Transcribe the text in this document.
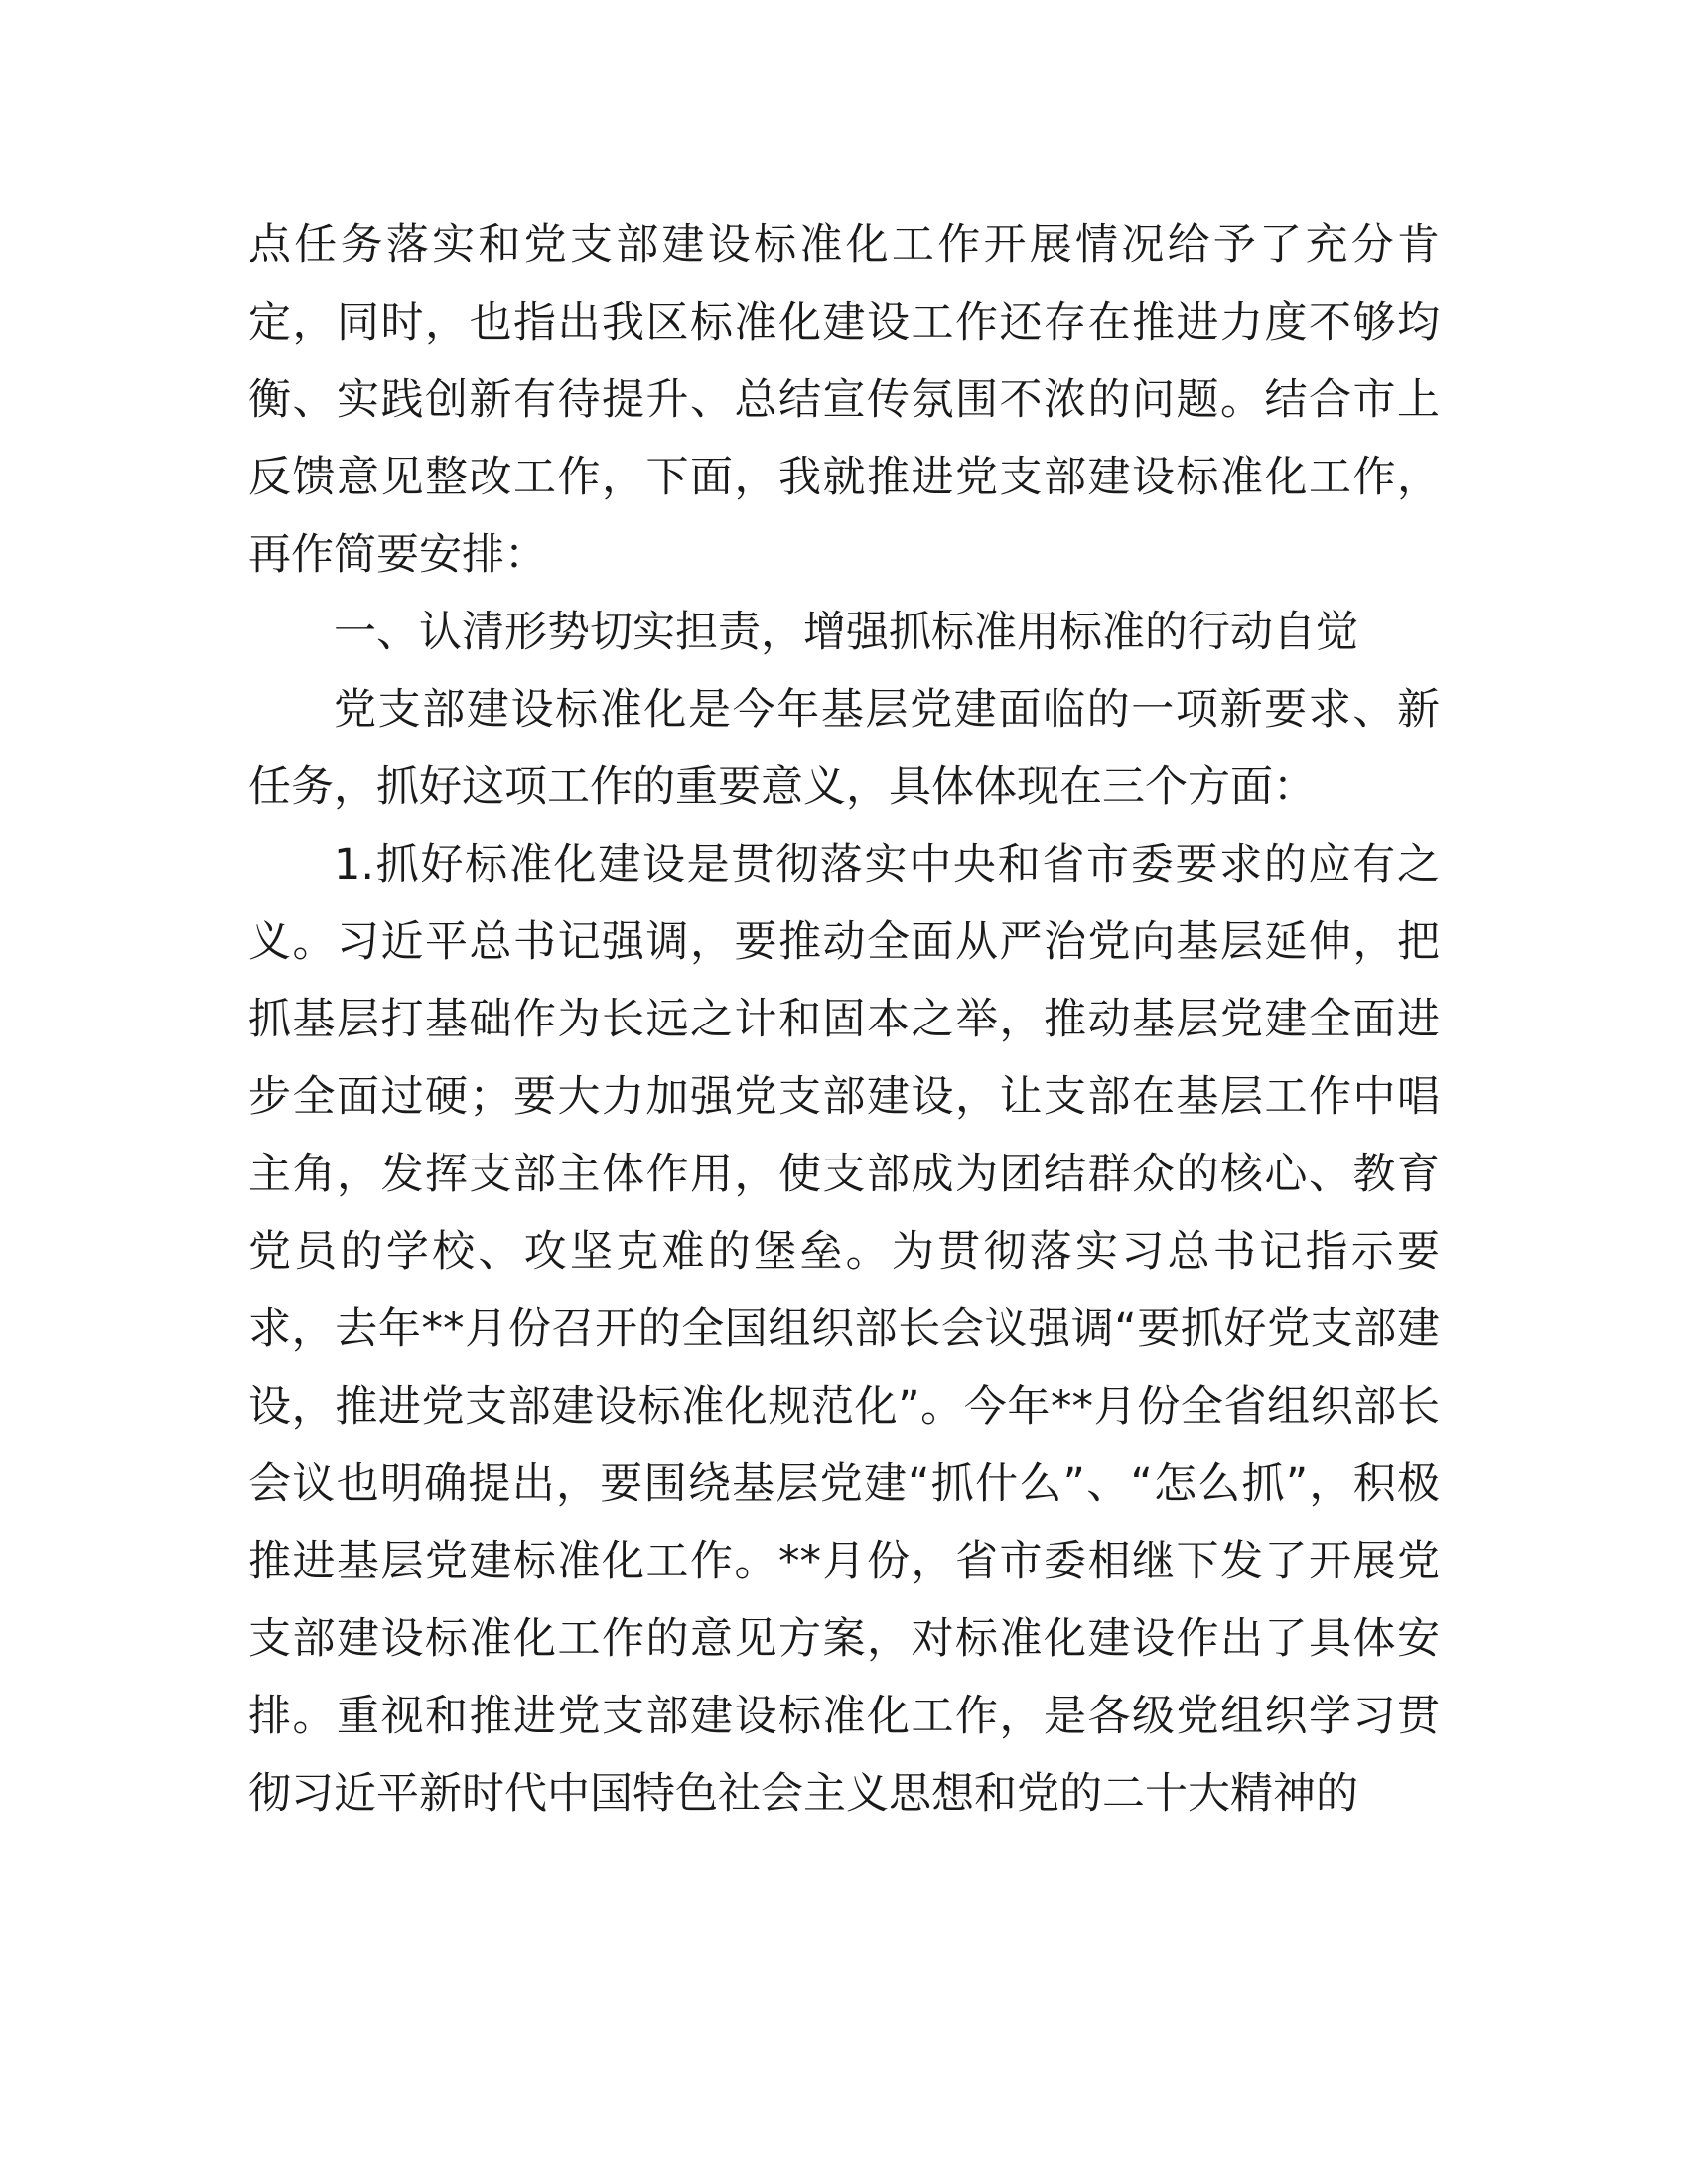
点任务落实和党支部建设标准化工作开展情况给予了充分肯定，同时，也指出我区标准化建设工作还存在推进力度不够均衡、实践创新有待提升、总结宣传氛围不浓的问题。结合市上反馈意见整改工作，下面，我就推进党支部建设标准化工作，再作简要安排：

一、认清形势切实担责，增强抓标准用标准的行动自觉

党支部建设标准化是今年基层党建面临的一项新要求、新任务，抓好这项工作的重要意义，具体体现在三个方面：

1.抓好标准化建设是贯彻落实中央和省市委要求的应有之义。习近平总书记强调，要推动全面从严治党向基层延伸，把抓基层打基础作为长远之计和固本之举，推动基层党建全面进步全面过硬；要大力加强党支部建设，让支部在基层工作中唱主角，发挥支部主体作用，使支部成为团结群众的核心、教育党员的学校、攻坚克难的堡垒。为贯彻落实习总书记指示要求，去年**月份召开的全国组织部长会议强调“要抓好党支部建设，推进党支部建设标准化规范化”。今年**月份全省组织部长会议也明确提出，要围绕基层党建“抓什么”、“怎么抓”，积极推进基层党建标准化工作。**月份，省市委相继下发了开展党支部建设标准化工作的意见方案，对标准化建设作出了具体安排。重视和推进党支部建设标准化工作，是各级党组织学习贯彻习近平新时代中国特色社会主义思想和党的二十大精神的
